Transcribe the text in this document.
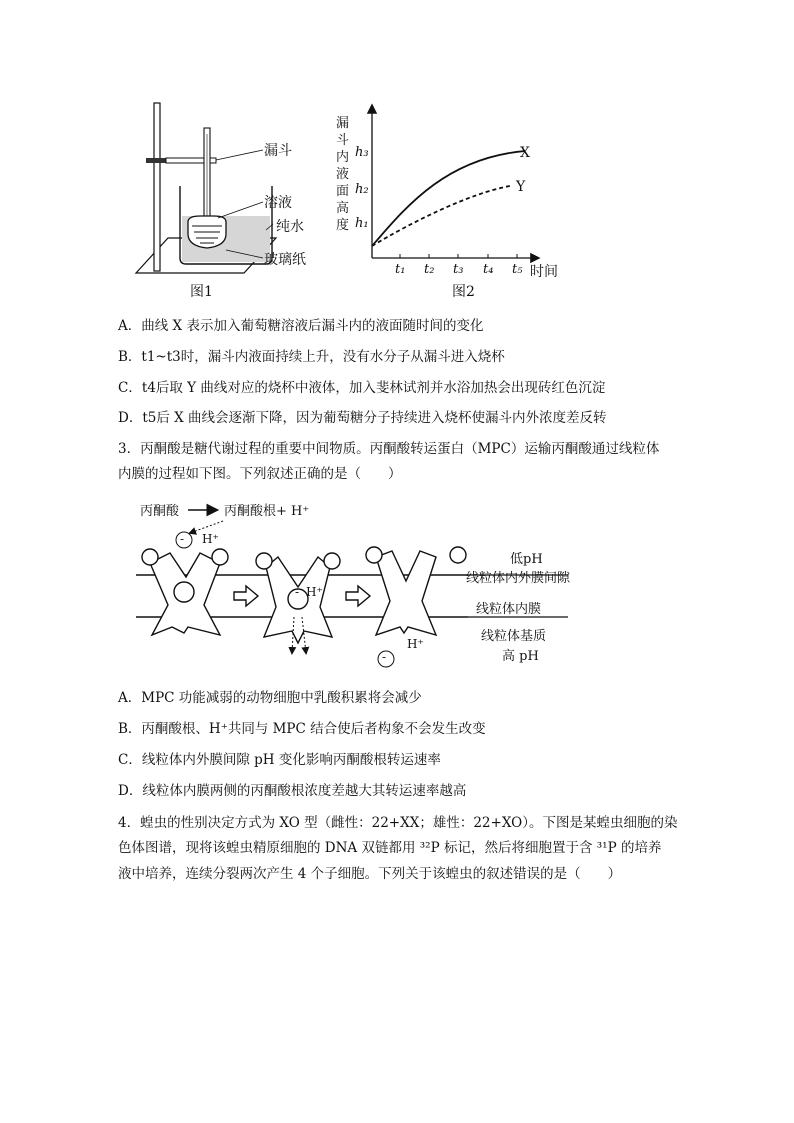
漏斗
溶液
纯水
玻璃纸
图1
漏
斗
内
液
面
高
度
h₃
h₂
h₁
t₁ t₂ t₃ t₄ t₅ 时间
X
Y
图2
A．曲线 X 表示加入葡萄糖溶液后漏斗内的液面随时间的变化
B．t1~t3时，漏斗内液面持续上升，没有水分子从漏斗进入烧杯
C．t4后取 Y 曲线对应的烧杯中液体，加入斐林试剂并水浴加热会出现砖红色沉淀
D．t5后 X 曲线会逐渐下降，因为葡萄糖分子持续进入烧杯使漏斗内外浓度差反转
3．丙酮酸是糖代谢过程的重要中间物质。丙酮酸转运蛋白（MPC）运输丙酮酸通过线粒体
内膜的过程如下图。下列叙述正确的是（　　）
丙酮酸	丙酮酸根+ H⁺
- H⁺
- H⁺
-
H⁺
低pH
线粒体内外膜间隙
线粒体内膜
线粒体基质
高 pH
A．MPC 功能减弱的动物细胞中乳酸积累将会减少
B．丙酮酸根、H⁺共同与 MPC 结合使后者构象不会发生改变
C．线粒体内外膜间隙 pH 变化影响丙酮酸根转运速率
D．线粒体内膜两侧的丙酮酸根浓度差越大其转运速率越高
4．蝗虫的性别决定方式为 XO 型（雌性：22+XX；雄性：22+XO）。下图是某蝗虫细胞的染
色体图谱，现将该蝗虫精原细胞的 DNA 双链都用 ³²P 标记，然后将细胞置于含 ³¹P 的培养
液中培养，连续分裂两次产生 4 个子细胞。下列关于该蝗虫的叙述错误的是（　　）
